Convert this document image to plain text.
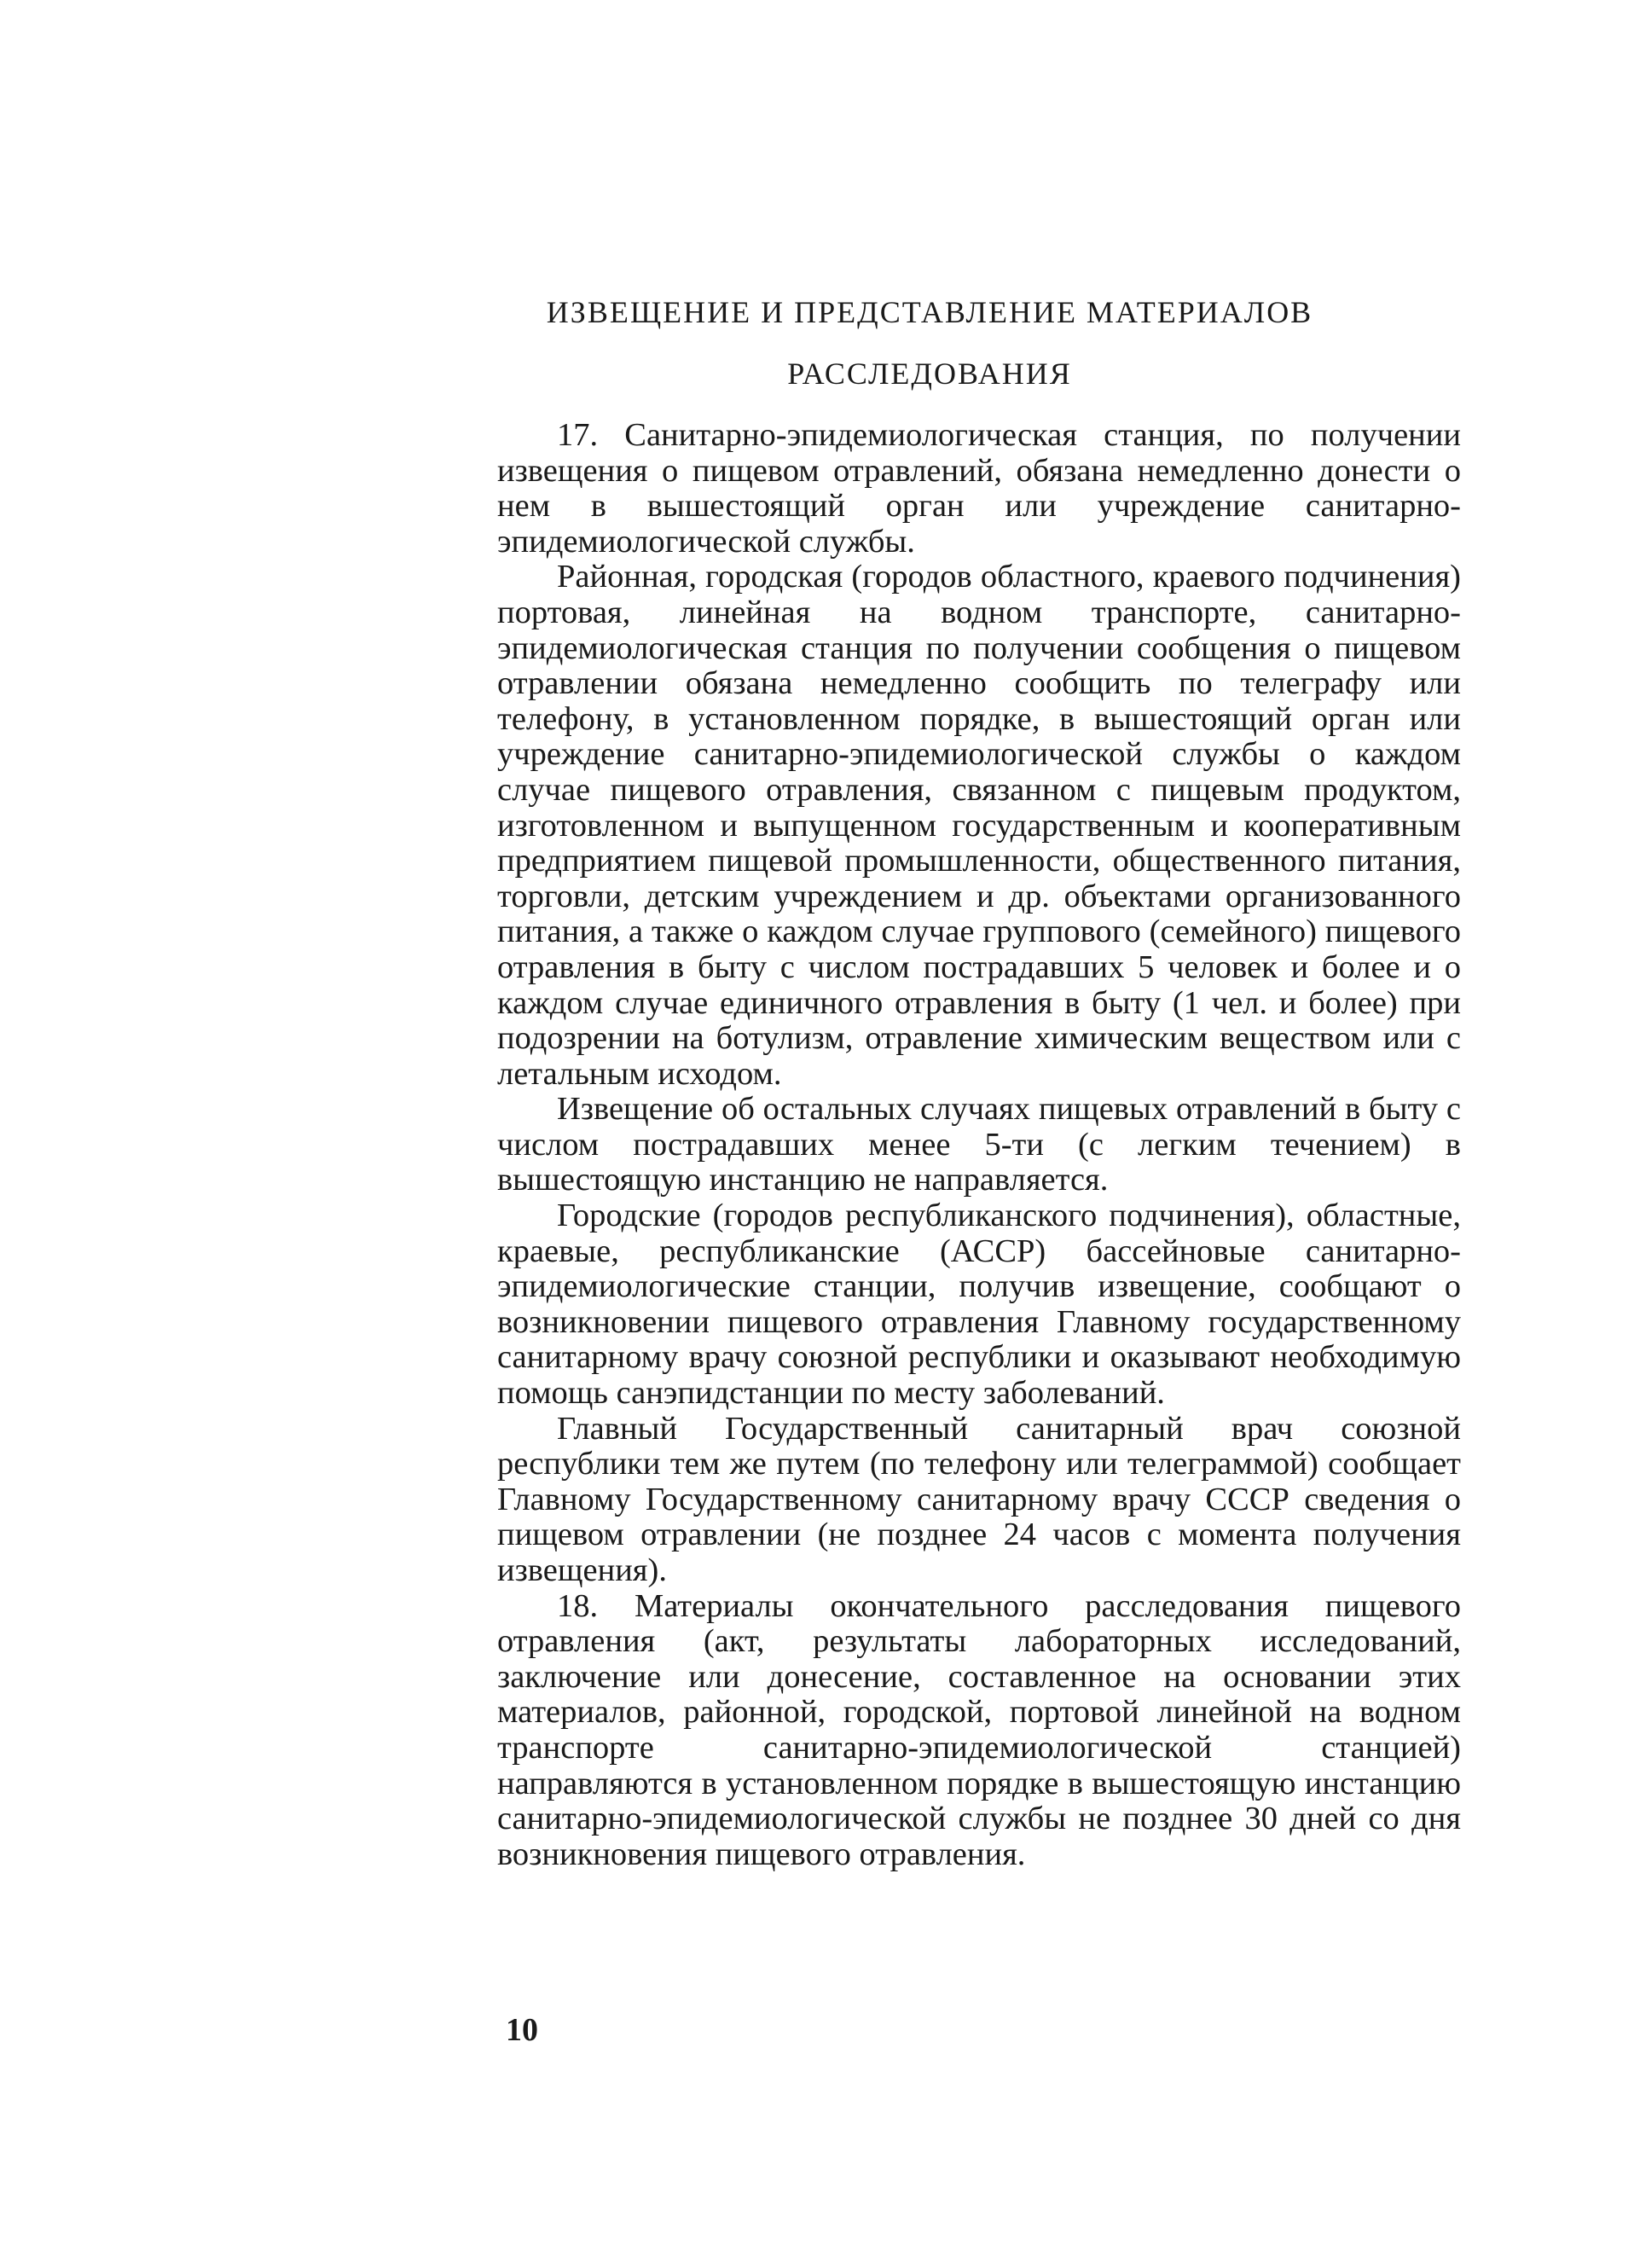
ИЗВЕЩЕНИЕ И ПРЕДСТАВЛЕНИЕ МАТЕРИАЛОВ
РАССЛЕДОВАНИЯ

17. Санитарно-эпидемиологическая станция, по получении извещения о пищевом отравлений, обязана немедленно донести о нем в вышестоящий орган или учреждение санитарно-эпидемиологической службы.

Районная, городская (городов областного, краевого подчинения) портовая, линейная на водном транспорте, санитарно-эпидемиологическая станция по получении сообщения о пищевом отравлении обязана немедленно сообщить по телеграфу или телефону, в установленном порядке, в вышестоящий орган или учреждение санитарно-эпидемиологической службы о каждом случае пищевого отравления, связанном с пищевым продуктом, изготовленном и выпущенном государственным и кооперативным предприятием пищевой промышленности, общественного питания, торговли, детским учреждением и др. объектами организованного питания, а также о каждом случае группового (семейного) пищевого отравления в быту с числом пострадавших 5 человек и более и о каждом случае единичного отравления в быту (1 чел. и более) при подозрении на ботулизм, отравление химическим веществом или с летальным исходом.

Извещение об остальных случаях пищевых отравлений в быту с числом пострадавших менее 5-ти (с легким течением) в вышестоящую инстанцию не направляется.

Городские (городов республиканского подчинения), областные, краевые, республиканские (АССР) бассейновые санитарно-эпидемиологические станции, получив извещение, сообщают о возникновении пищевого отравления Главному государственному санитарному врачу союзной республики и оказывают необходимую помощь санэпидстанции по месту заболеваний.

Главный Государственный санитарный врач союзной республики тем же путем (по телефону или телеграммой) сообщает Главному Государственному санитарному врачу СССР сведения о пищевом отравлении (не позднее 24 часов с момента получения извещения).

18. Материалы окончательного расследования пищевого отравления (акт, результаты лабораторных исследований, заключение или донесение, составленное на основании этих материалов, районной, городской, портовой линейной на водном транспорте санитарно-эпидемиологической станцией) направляются в установленном порядке в вышестоящую инстанцию санитарно-эпидемиологической службы не позднее 30 дней со дня возникновения пищевого отравления.

10
